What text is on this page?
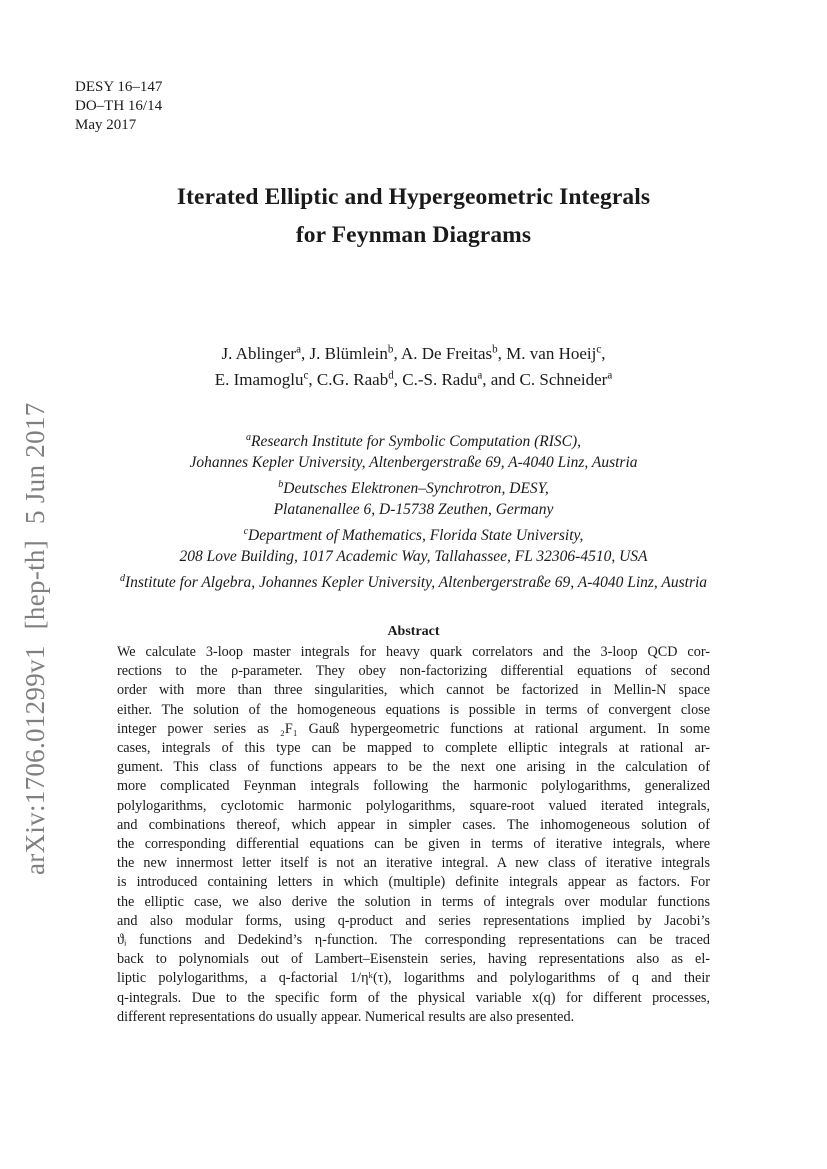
DESY 16–147
DO–TH 16/14
May 2017
Iterated Elliptic and Hypergeometric Integrals
for Feynman Diagrams
J. Ablinger$^a$, J. Blümlein$^b$, A. De Freitas$^b$, M. van Hoeij$^c$,
E. Imamoglu$^c$, C.G. Raab$^d$, C.-S. Radu$^a$, and C. Schneider$^a$
$^a$Research Institute for Symbolic Computation (RISC),
Johannes Kepler University, Altenbergerstraße 69, A-4040 Linz, Austria
$^b$Deutsches Elektronen–Synchrotron, DESY,
Platanenallee 6, D-15738 Zeuthen, Germany
$^c$Department of Mathematics, Florida State University,
208 Love Building, 1017 Academic Way, Tallahassee, FL 32306-4510, USA
$^d$Institute for Algebra, Johannes Kepler University, Altenbergerstraße 69, A-4040 Linz, Austria
Abstract
We calculate 3-loop master integrals for heavy quark correlators and the 3-loop QCD cor-
rections to the ρ-parameter. They obey non-factorizing differential equations of second
order with more than three singularities, which cannot be factorized in Mellin-N space
either. The solution of the homogeneous equations is possible in terms of convergent close
integer power series as ₂F₁ Gauß hypergeometric functions at rational argument. In some
cases, integrals of this type can be mapped to complete elliptic integrals at rational ar-
gument. This class of functions appears to be the next one arising in the calculation of
more complicated Feynman integrals following the harmonic polylogarithms, generalized
polylogarithms, cyclotomic harmonic polylogarithms, square-root valued iterated integrals,
and combinations thereof, which appear in simpler cases. The inhomogeneous solution of
the corresponding differential equations can be given in terms of iterative integrals, where
the new innermost letter itself is not an iterative integral. A new class of iterative integrals
is introduced containing letters in which (multiple) definite integrals appear as factors. For
the elliptic case, we also derive the solution in terms of integrals over modular functions
and also modular forms, using q-product and series representations implied by Jacobi’s
ϑᵢ functions and Dedekind’s η-function. The corresponding representations can be traced
back to polynomials out of Lambert–Eisenstein series, having representations also as el-
liptic polylogarithms, a q-factorial 1/ηᵏ(τ), logarithms and polylogarithms of q and their
q-integrals. Due to the specific form of the physical variable x(q) for different processes,
different representations do usually appear. Numerical results are also presented.
arXiv:1706.01299v1[hep-th]5 Jun 2017
